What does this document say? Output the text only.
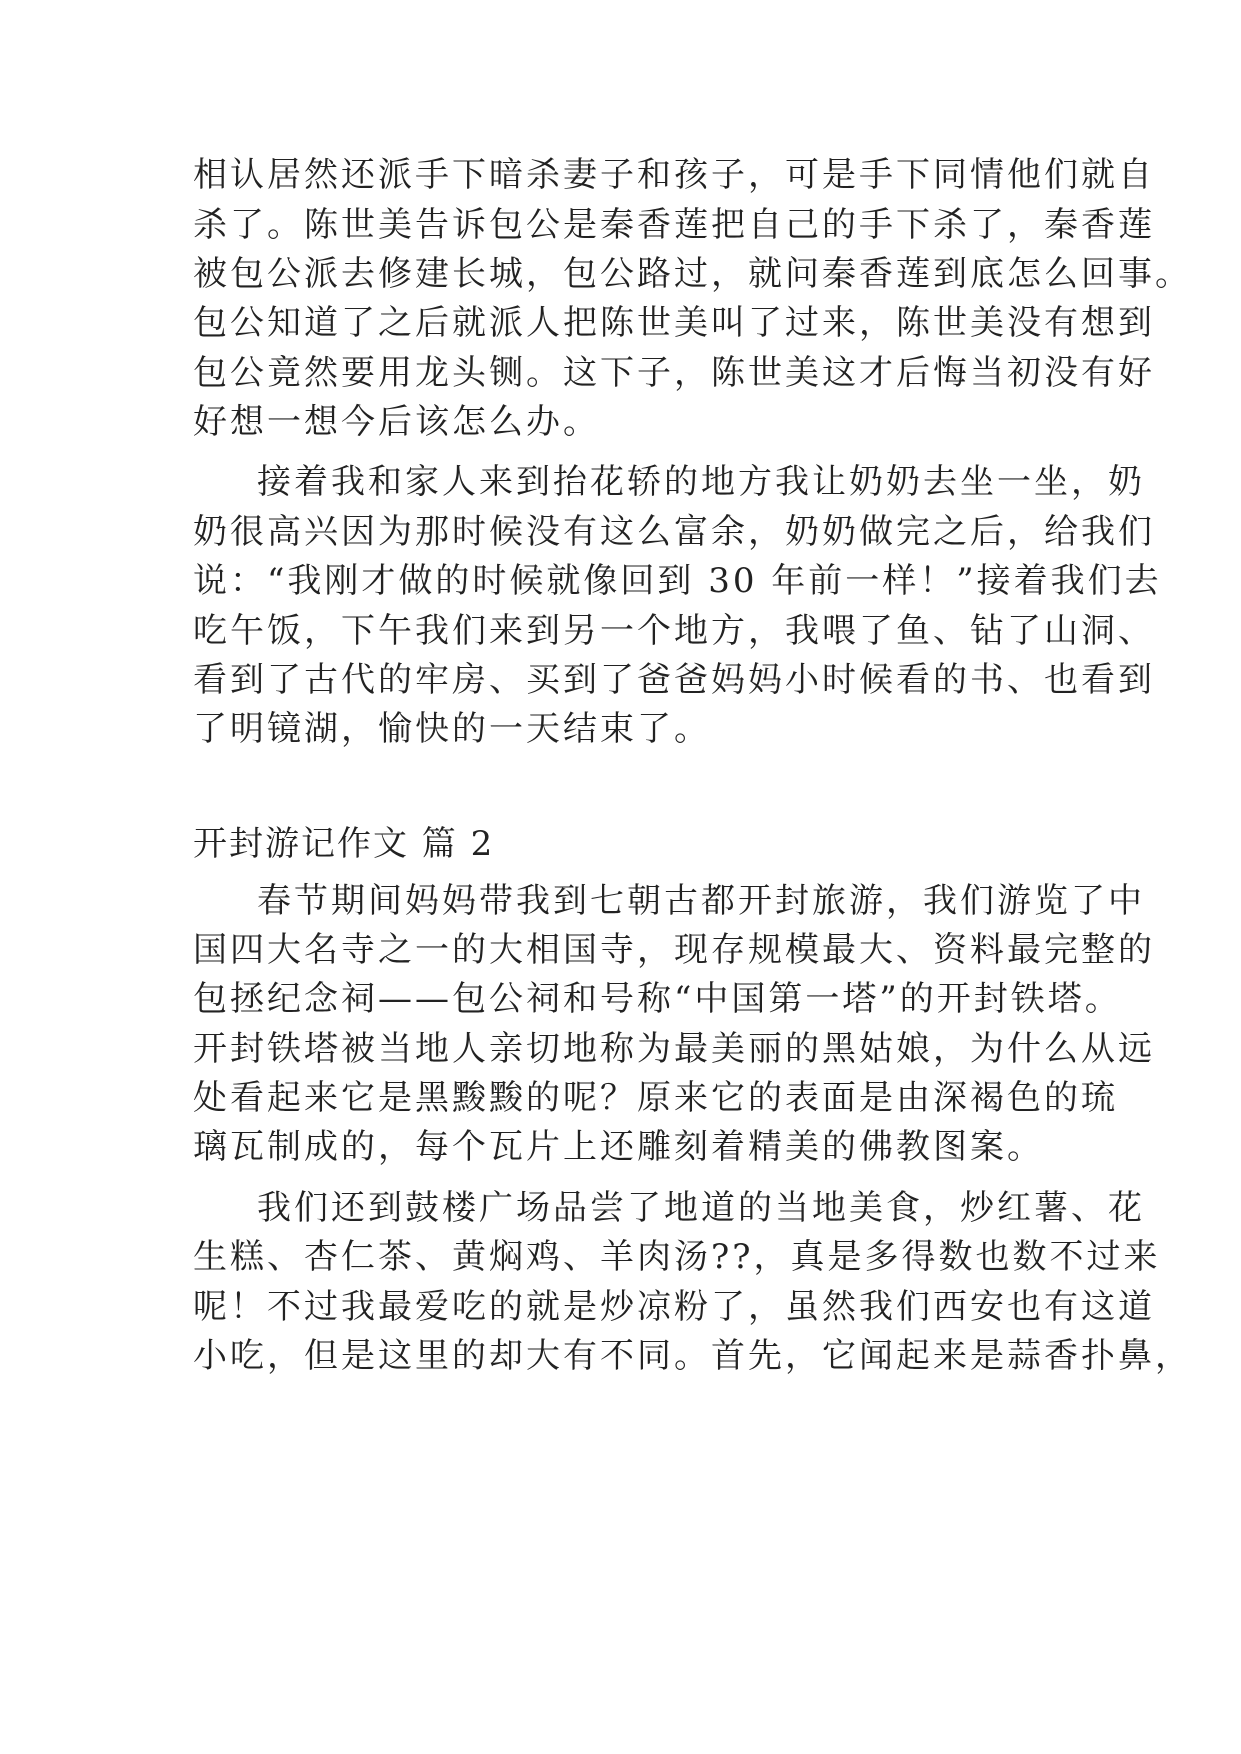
相认居然还派手下暗杀妻子和孩子，可是手下同情他们就自
杀了。陈世美告诉包公是秦香莲把自己的手下杀了，秦香莲
被包公派去修建长城，包公路过，就问秦香莲到底怎么回事。
包公知道了之后就派人把陈世美叫了过来，陈世美没有想到
包公竟然要用龙头铡。这下子，陈世美这才后悔当初没有好
好想一想今后该怎么办。
接着我和家人来到抬花轿的地方我让奶奶去坐一坐，奶
奶很高兴因为那时候没有这么富余，奶奶做完之后，给我们
说：“我刚才做的时候就像回到 30 年前一样！”接着我们去
吃午饭，下午我们来到另一个地方，我喂了鱼、钻了山洞、
看到了古代的牢房、买到了爸爸妈妈小时候看的书、也看到
了明镜湖，愉快的一天结束了。
开封游记作文 篇 2
春节期间妈妈带我到七朝古都开封旅游，我们游览了中
国四大名寺之一的大相国寺，现存规模最大、资料最完整的
包拯纪念祠——包公祠和号称“中国第一塔”的开封铁塔。
开封铁塔被当地人亲切地称为最美丽的黑姑娘，为什么从远
处看起来它是黑黢黢的呢？原来它的表面是由深褐色的琉
璃瓦制成的，每个瓦片上还雕刻着精美的佛教图案。
我们还到鼓楼广场品尝了地道的当地美食，炒红薯、花
生糕、杏仁茶、黄焖鸡、羊肉汤??，真是多得数也数不过来
呢！不过我最爱吃的就是炒凉粉了，虽然我们西安也有这道
小吃，但是这里的却大有不同。首先，它闻起来是蒜香扑鼻，
